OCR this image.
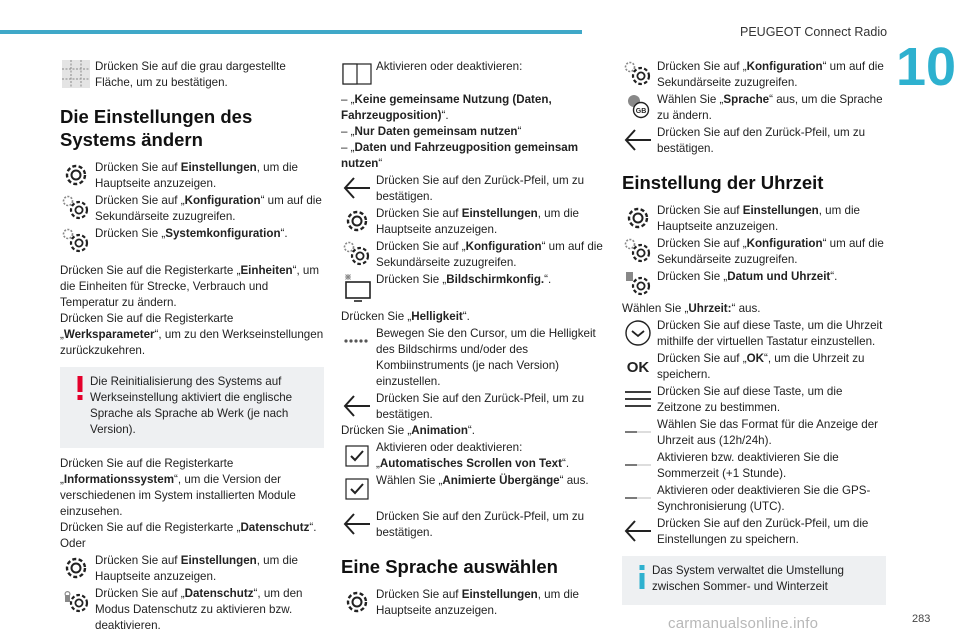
PEUGEOT Connect Radio
10
283
carmanualsonline.info
Drücken Sie auf die grau dargestellte Fläche, um zu bestätigen.
Die Einstellungen des Systems ändern
Drücken Sie auf Einstellungen, um die Hauptseite anzuzeigen.
Drücken Sie auf „Konfiguration“ um auf die Sekundärseite zuzugreifen.
Drücken Sie „Systemkonfiguration“.

Drücken Sie auf die Registerkarte „Einheiten“, um die Einheiten für Strecke, Verbrauch und Temperatur zu ändern.

Drücken Sie auf die Registerkarte „Werksparameter“, um zu den Werkseinstellungen zurückzukehren.

Die Reinitialisierung des Systems auf Werkseinstellung aktiviert die englische Sprache als Sprache ab Werk (je nach Version).

Drücken Sie auf die Registerkarte „Informationssystem“, um die Version der verschiedenen im System installierten Module einzusehen.

Drücken Sie auf die Registerkarte „Datenschutz“.

Oder

Drücken Sie auf Einstellungen, um die Hauptseite anzuzeigen.
Drücken Sie auf „Datenschutz“, um den Modus Datenschutz zu aktivieren bzw. deaktivieren.
Aktivieren oder deaktivieren:

– „Keine gemeinsame Nutzung (Daten, Fahrzeugposition)“.

– „Nur Daten gemeinsam nutzen“

– „Daten und Fahrzeugposition gemeinsam nutzen“

Drücken Sie auf den Zurück-Pfeil, um zu bestätigen.
Drücken Sie auf Einstellungen, um die Hauptseite anzuzeigen.
Drücken Sie auf „Konfiguration“ um auf die Sekundärseite zuzugreifen.
Drücken Sie „Bildschirmkonfig.“.

Drücken Sie „Helligkeit“.

Bewegen Sie den Cursor, um die Helligkeit des Bildschirms und/oder des Kombiinstruments (je nach Version) einzustellen.
Drücken Sie auf den Zurück-Pfeil, um zu bestätigen.

Drücken Sie „Animation“.

Aktivieren oder deaktivieren: „Automatisches Scrollen von Text“.
Wählen Sie „Animierte Übergänge“ aus.
Drücken Sie auf den Zurück-Pfeil, um zu bestätigen.
Eine Sprache auswählen
Drücken Sie auf Einstellungen, um die Hauptseite anzuzeigen.
Drücken Sie auf „Konfiguration“ um auf die Sekundärseite zuzugreifen.
GB
Wählen Sie „Sprache“ aus, um die Sprache zu ändern.
Drücken Sie auf den Zurück-Pfeil, um zu bestätigen.
Einstellung der Uhrzeit
Drücken Sie auf Einstellungen, um die Hauptseite anzuzeigen.
Drücken Sie auf „Konfiguration“ um auf die Sekundärseite zuzugreifen.
Drücken Sie „Datum und Uhrzeit“.

Wählen Sie „Uhrzeit:“ aus.

Drücken Sie auf diese Taste, um die Uhrzeit mithilfe der virtuellen Tastatur einzustellen.
OK
Drücken Sie auf „OK“, um die Uhrzeit zu speichern.
Drücken Sie auf diese Taste, um die Zeitzone zu bestimmen.
Wählen Sie das Format für die Anzeige der Uhrzeit aus (12h/24h).
Aktivieren bzw. deaktivieren Sie die Sommerzeit (+1 Stunde).
Aktivieren oder deaktivieren Sie die GPS-Synchronisierung (UTC).
Drücken Sie auf den Zurück-Pfeil, um die Einstellungen zu speichern.
Das System verwaltet die Umstellung zwischen Sommer- und Winterzeit
